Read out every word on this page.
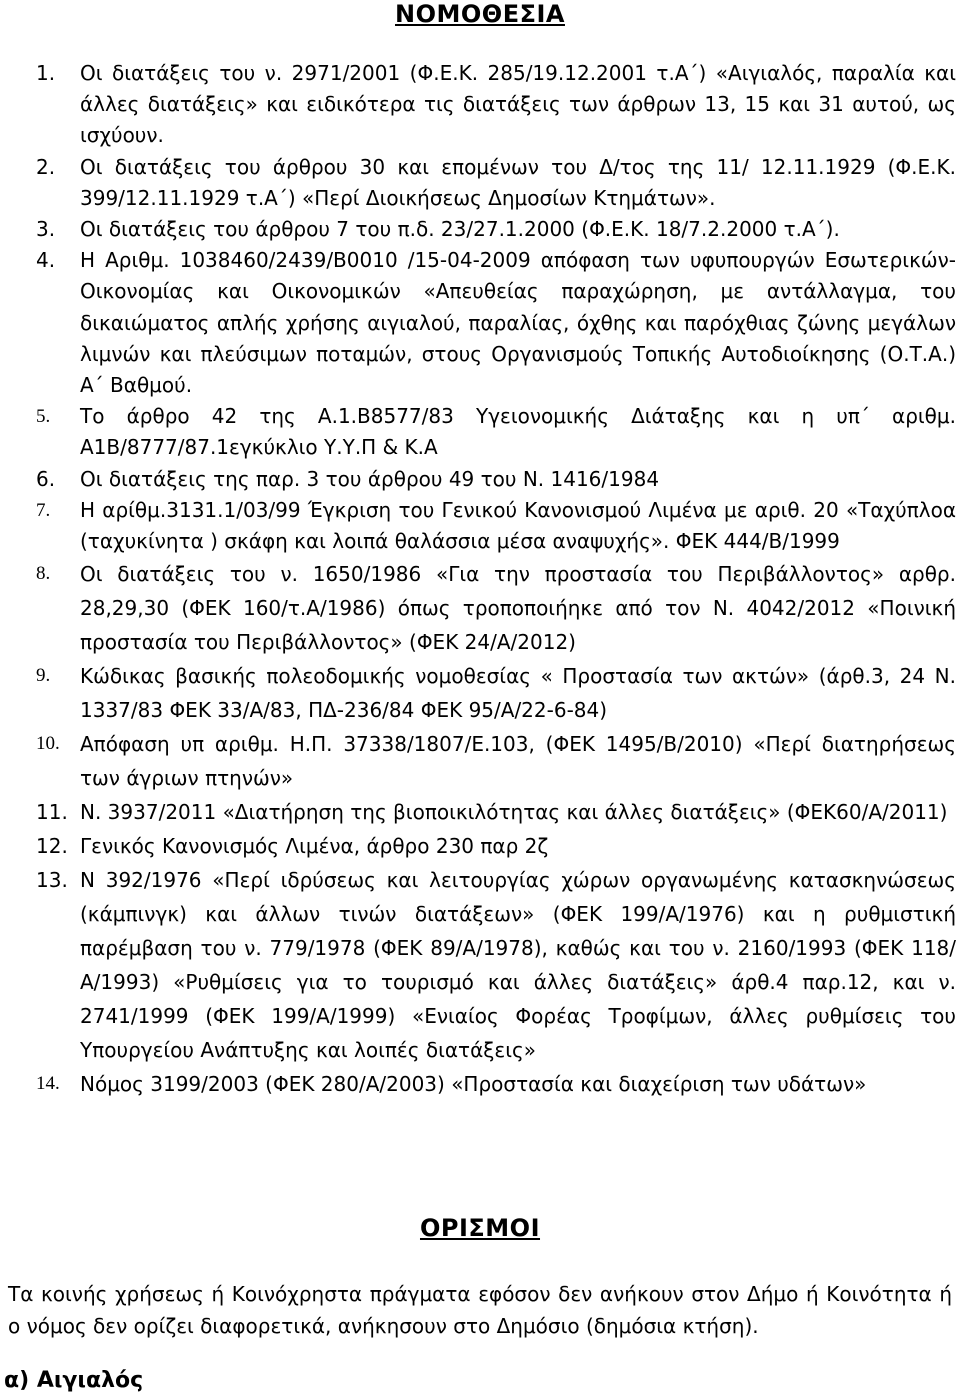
ΝΟΜΟΘΕΣΙΑ
1.	Οι διατάξεις του ν. 2971/2001 (Φ.Ε.Κ. 285/19.12.2001 τ.Α΄) «Αιγιαλός, παραλία και άλλες διατάξεις» και ειδικότερα τις διατάξεις των άρθρων 13, 15 και 31 αυτού, ως ισχύουν.
2.	Οι διατάξεις του άρθρου 30 και επομένων του Δ/τος της 11/ 12.11.1929 (Φ.Ε.Κ. 399/12.11.1929 τ.Α΄) «Περί Διοικήσεως Δημοσίων Κτημάτων».
3.	Οι διατάξεις του άρθρου 7 του π.δ. 23/27.1.2000 (Φ.Ε.Κ. 18/7.2.2000 τ.Α΄).
4.	Η Αριθμ. 1038460/2439/Β0010 /15-04-2009 απόφαση των υφυπουργών Εσωτερικών-Οικονομίας και Οικονομικών «Απευθείας παραχώρηση, με αντάλλαγμα, του δικαιώματος απλής χρήσης αιγιαλού, παραλίας, όχθης και παρόχθιας ζώνης μεγάλων λιμνών και πλεύσιμων ποταμών, στους Οργανισμούς Τοπικής Αυτοδιοίκησης (Ο.Τ.Α.) Α΄ Βαθμού.
5.	Το άρθρο 42 της Α.1.Β8577/83 Υγειονομικής Διάταξης και η υπ΄ αριθμ. Α1Β/8777/87.1εγκύκλιο Υ.Υ.Π & Κ.Α
6.	Οι διατάξεις της παρ. 3 του άρθρου 49 του Ν. 1416/1984
7.	Η αρίθμ.3131.1/03/99 Έγκριση του Γενικού Κανονισμού Λιμένα με αριθ. 20 «Ταχύπλοα (ταχυκίνητα ) σκάφη και λοιπά θαλάσσια μέσα αναψυχής». ΦΕΚ 444/Β/1999
8.	Οι διατάξεις του ν. 1650/1986 «Για την προστασία του Περιβάλλοντος» αρθρ. 28,29,30 (ΦΕΚ 160/τ.Α/1986) όπως τροποποιήηκε από τον Ν. 4042/2012 «Ποινική προστασία του Περιβάλλοντος» (ΦΕΚ 24/Α/2012)
9.	Κώδικας βασικής πολεοδομικής νομοθεσίας « Προστασία των ακτών» (άρθ.3, 24 Ν. 1337/83 ΦΕΚ 33/Α/83, ΠΔ-236/84 ΦΕΚ 95/Α/22-6-84)
10.	Απόφαση υπ αριθμ. Η.Π. 37338/1807/Ε.103, (ΦΕΚ 1495/Β/2010) «Περί διατηρήσεως των άγριων πτηνών»
11. Ν. 3937/2011 «Διατήρηση της βιοποικιλότητας και άλλες διατάξεις» (ΦΕΚ60/Α/2011)
12. Γενικός Κανονισμός Λιμένα, άρθρο 230 παρ 2ζ
13. Ν 392/1976 «Περί ιδρύσεως και λειτουργίας χώρων οργανωμένης κατασκηνώσεως (κάμπινγκ) και άλλων τινών διατάξεων» (ΦΕΚ 199/Α/1976) και η ρυθμιστική παρέμβαση του ν. 779/1978 (ΦΕΚ 89/Α/1978), καθώς και του ν. 2160/1993 (ΦΕΚ 118/Α/1993) «Ρυθμίσεις για το τουρισμό και άλλες διατάξεις» άρθ.4 παρ.12, και ν. 2741/1999 (ΦΕΚ 199/Α/1999) «Ενιαίος Φορέας Τροφίμων, άλλες ρυθμίσεις του Υπουργείου Ανάπτυξης και λοιπές διατάξεις»
14.	Νόμος 3199/2003 (ΦΕΚ 280/Α/2003) «Προστασία και διαχείριση των υδάτων»
ΟΡΙΣΜΟΙ
Τα κοινής χρήσεως ή Κοινόχρηστα πράγματα εφόσον δεν ανήκουν στον Δήμο ή Κοινότητα ή ο νόμος δεν ορίζει διαφορετικά, ανήκησουν στο Δημόσιο (δημόσια κτήση).
α) Αιγιαλός
